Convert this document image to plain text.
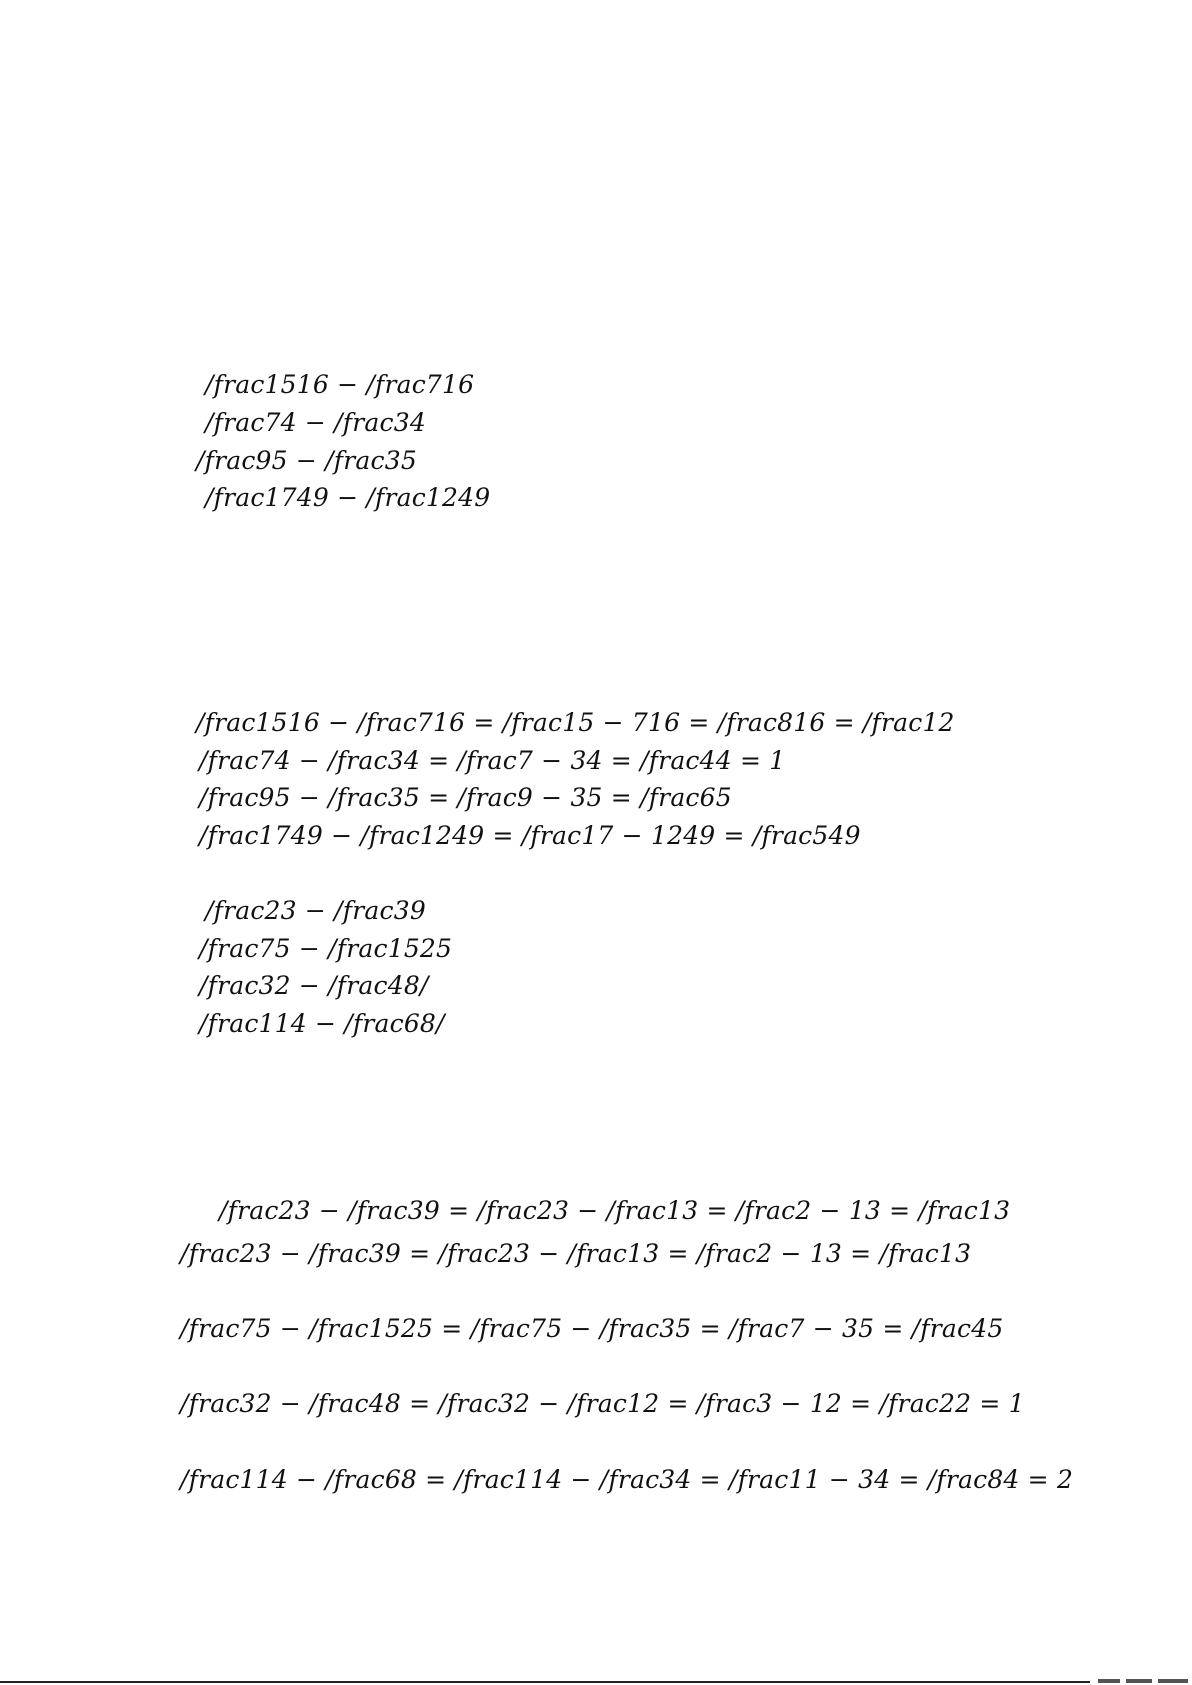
/frac1516 − /frac716
/frac74 − /frac34
/frac95 − /frac35
/frac1749 − /frac1249
/frac1516 − /frac716 = /frac15 − 716 = /frac816 = /frac12
/frac74 − /frac34 = /frac7 − 34 = /frac44 = 1
/frac95 − /frac35 = /frac9 − 35 = /frac65
/frac1749 − /frac1249 = /frac17 − 1249 = /frac549
/frac23 − /frac39
/frac75 − /frac1525
/frac32 − /frac48/
/frac114 − /frac68/
/frac23 − /frac39 = /frac23 − /frac13 = /frac2 − 13 = /frac13
/frac23 − /frac39 = /frac23 − /frac13 = /frac2 − 13 = /frac13
/frac75 − /frac1525 = /frac75 − /frac35 = /frac7 − 35 = /frac45
/frac32 − /frac48 = /frac32 − /frac12 = /frac3 − 12 = /frac22 = 1
/frac114 − /frac68 = /frac114 − /frac34 = /frac11 − 34 = /frac84 = 2
